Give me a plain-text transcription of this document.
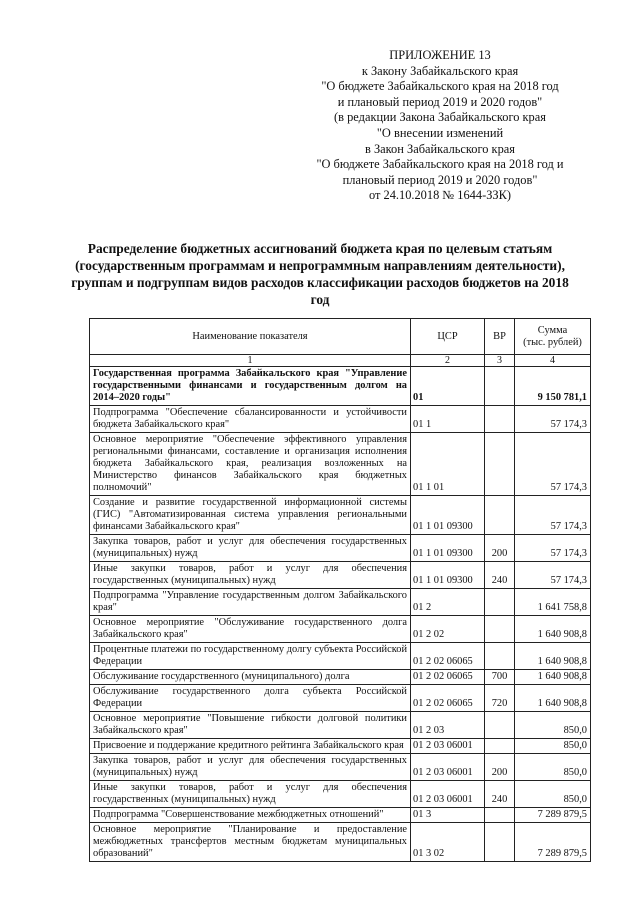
ПРИЛОЖЕНИЕ 13
к Закону Забайкальского края
"О бюджете Забайкальского края на 2018 год
и плановый период 2019 и 2020 годов"
(в редакции Закона Забайкальского края
"О внесении изменений
в Закон Забайкальского края
"О бюджете Забайкальского края на 2018 год и
плановый период 2019 и 2020 годов"
от 24.10.2018 № 1644-ЗЗК)
Распределение бюджетных ассигнований бюджета края по целевым статьям (государственным программам и непрограммным направлениям деятельности), группам и подгруппам видов расходов классификации расходов бюджетов на 2018 год
Наименование показателя	ЦСР	ВР	Сумма
(тыс. рублей)
1	2	3	4
Государственная программа Забайкальского края "Управление государственными финансами и государственным долгом на 2014–2020 годы"	01		9 150 781,1
Подпрограмма "Обеспечение сбалансированности и устойчивости бюджета Забайкальского края"	01 1		57 174,3
Основное мероприятие "Обеспечение эффективного управления региональными финансами, составление и организация исполнения бюджета Забайкальского края, реализация возложенных на Министерство финансов Забайкальского края бюджетных полномочий"	01 1 01		57 174,3
Создание и развитие государственной информационной системы (ГИС) "Автоматизированная система управления региональными финансами Забайкальского края"	01 1 01 09300		57 174,3
Закупка товаров, работ и услуг для обеспечения государственных (муниципальных) нужд	01 1 01 09300	200	57 174,3
Иные закупки товаров, работ и услуг для обеспечения государственных (муниципальных) нужд	01 1 01 09300	240	57 174,3
Подпрограмма "Управление государственным долгом Забайкальского края"	01 2		1 641 758,8
Основное мероприятие "Обслуживание государственного долга Забайкальского края"	01 2 02		1 640 908,8
Процентные платежи по государственному долгу субъекта Российской Федерации	01 2 02 06065		1 640 908,8
Обслуживание государственного (муниципального) долга	01 2 02 06065	700	1 640 908,8
Обслуживание государственного долга субъекта Российской Федерации	01 2 02 06065	720	1 640 908,8
Основное мероприятие "Повышение гибкости долговой политики Забайкальского края"	01 2 03		850,0
Присвоение и поддержание кредитного рейтинга Забайкальского края	01 2 03 06001		850,0
Закупка товаров, работ и услуг для обеспечения государственных (муниципальных) нужд	01 2 03 06001	200	850,0
Иные закупки товаров, работ и услуг для обеспечения государственных (муниципальных) нужд	01 2 03 06001	240	850,0
Подпрограмма "Совершенствование межбюджетных отношений"	01 3		7 289 879,5
Основное мероприятие "Планирование и предоставление межбюджетных трансфертов местным бюджетам муниципальных образований"	01 3 02		7 289 879,5
